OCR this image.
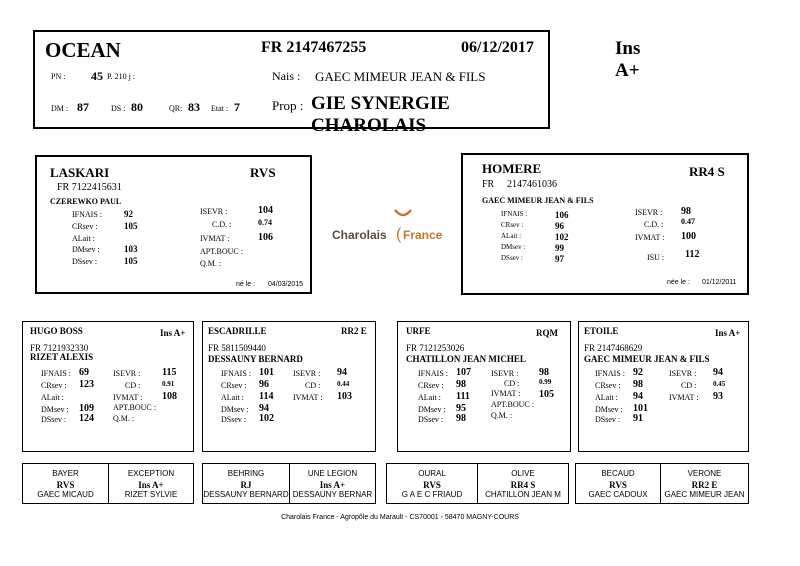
OCEAN	FR 2147467255	06/12/2017	Ins A+
PN : 45 P. 210 j :	Nais : GAEC MIMEUR JEAN & FILS
DM : 87	DS : 80	QR: 83 Etat : 7 Prop : GIE SYNERGIE CHAROLAIS
LASKARI	RVS
FR 7122415631
CZEREWKO PAUL
IFNAIS : 92
CRsev :	105
ALait :
DMsev :	103
DSsev :	105
ISEVR :	104
C.D. :	0.74
IVMAT :	106
APT.BOUC :
Q.M. :
né le : 04/03/2015
Charolais ( France
HOMERE	RR4 S
FR 2147461036
GAEC MIMEUR JEAN & FILS
IFNAIS :	106
CRsev :	96
ALait :	102
DMsev :	99
DSsev :	97
ISEVR : 98
C.D. : 0.47
IVMAT : 100
ISU : 112
née le : 01/12/2011
HUGO BOSS	Ins A+
FR 7121932330
RIZET ALEXIS
IFNAIS : 69
CRsev : 123
ALait :
DMsev : 109
DSsev : 124
ISEVR : 115
CD :	0.91
IVMAT : 108
APT.BOUC :
Q.M. :
ESCADRILLE	RR2 E
FR 5811509440
DESSAUNY BERNARD
IFNAIS : 101
CRsev : 96
ALait : 114
DMsev : 94
DSsev : 102
ISEVR : 94
CD : 0.44
IVMAT : 103
URFE	RQM
FR 7121253026
CHATILLON JEAN MICHEL
IFNAIS : 107
CRsev : 98
ALait : 111
DMsev : 95
DSsev : 98
ISEVR : 98
CD :	0.99
IVMAT : 105
APT.BOUC :
Q.M. :
ETOILE	Ins A+
FR 2147468629
GAEC MIMEUR JEAN & FILS
IFNAIS : 92
CRsev : 98
ALait : 94
DMsev : 101
DSsev : 91
ISEVR : 94
CD : 0.45
IVMAT : 93
BAYER
RVS
GAEC MICAUD
EXCEPTION
Ins A+
RIZET SYLVIE
BEHRING
RJ
DESSAUNY BERNARD
UNE LEGION
Ins A+
DESSAUNY BERNAR
OURAL
RVS
G A E C FRIAUD
OLIVE
RR4 S
CHATILLON JEAN M
BECAUD
RVS
GAEC CADOUX
VERONE
RR2 E
GAEC MIMEUR JEAN
Charolais France - Agropôle du Marault - CS70001 - 58470 MAGNY-COURS
